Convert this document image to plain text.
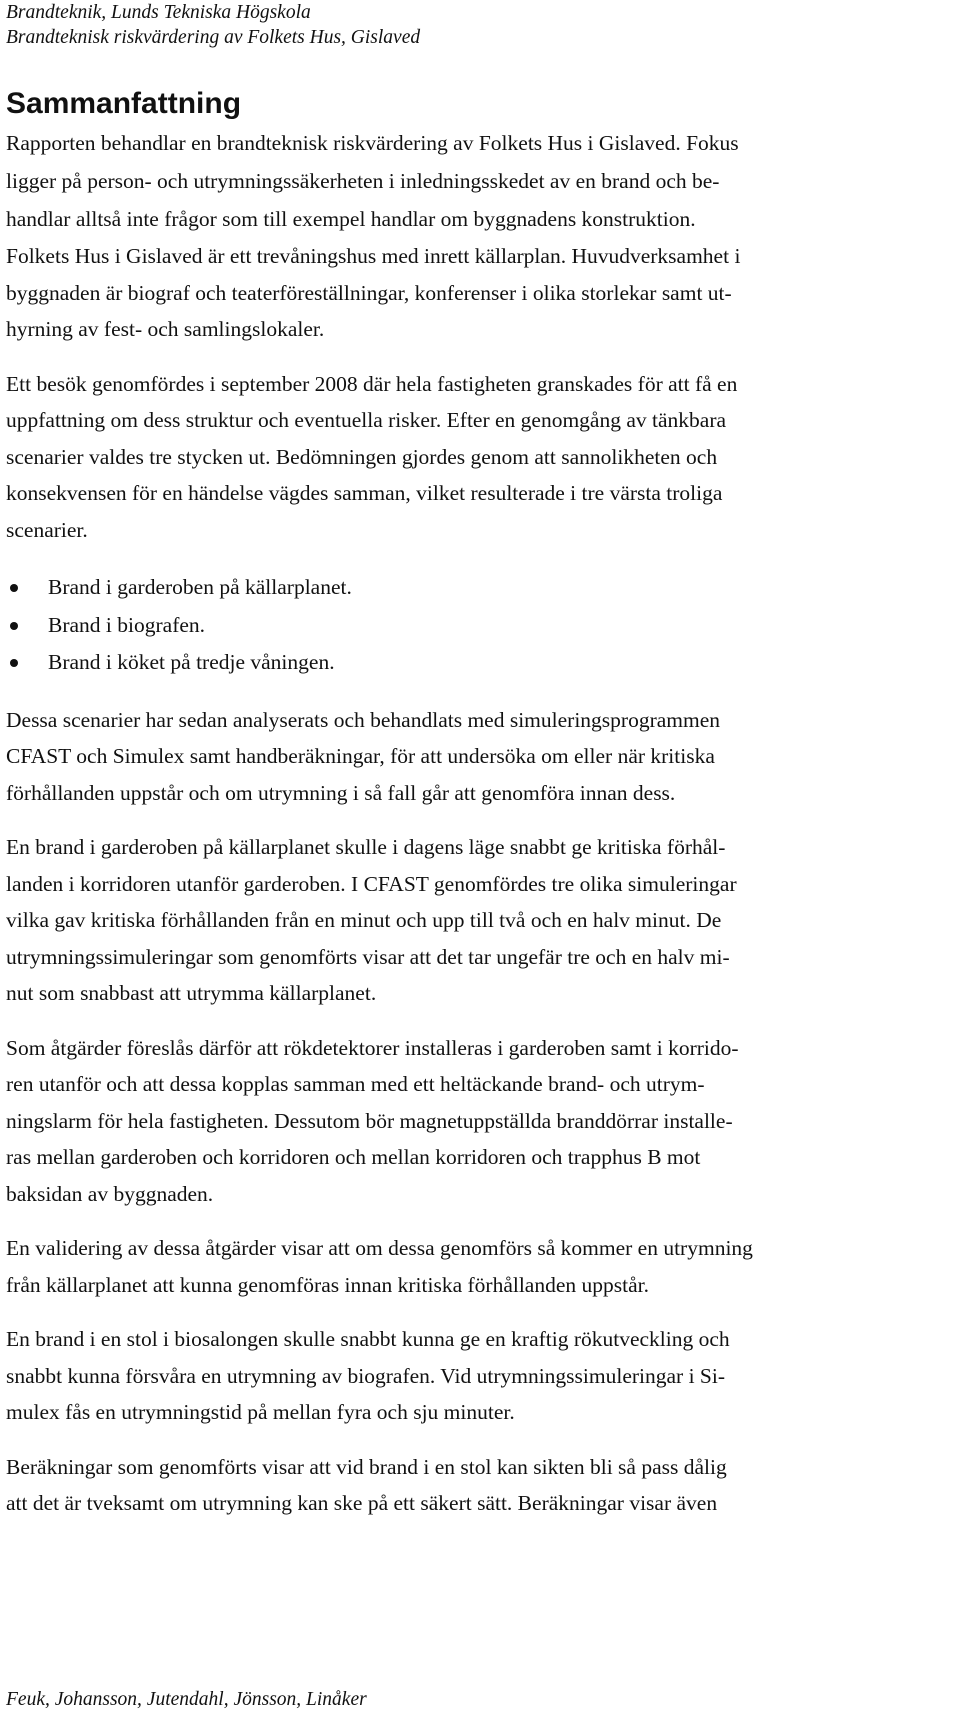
Brandteknik, Lunds Tekniska Högskola
Brandteknisk riskvärdering av Folkets Hus, Gislaved
Sammanfattning

Rapporten behandlar en brandteknisk riskvärdering av Folkets Hus i Gislaved. Fokus
ligger på person- och utrymningssäkerheten i inledningsskedet av en brand och be-
handlar alltså inte frågor som till exempel handlar om byggnadens konstruktion.

Folkets Hus i Gislaved är ett trevåningshus med inrett källarplan. Huvudverksamhet i
byggnaden är biograf och teaterföreställningar, konferenser i olika storlekar samt ut-
hyrning av fest- och samlingslokaler.

Ett besök genomfördes i september 2008 där hela fastigheten granskades för att få en
uppfattning om dess struktur och eventuella risker. Efter en genomgång av tänkbara
scenarier valdes tre stycken ut. Bedömningen gjordes genom att sannolikheten och
konsekvensen för en händelse vägdes samman, vilket resulterade i tre värsta troliga
scenarier.

Brand i garderoben på källarplanet.
Brand i biografen.
Brand i köket på tredje våningen.

Dessa scenarier har sedan analyserats och behandlats med simuleringsprogrammen
CFAST och Simulex samt handberäkningar, för att undersöka om eller när kritiska
förhållanden uppstår och om utrymning i så fall går att genomföra innan dess.

En brand i garderoben på källarplanet skulle i dagens läge snabbt ge kritiska förhål-
landen i korridoren utanför garderoben. I CFAST genomfördes tre olika simuleringar
vilka gav kritiska förhållanden från en minut och upp till två och en halv minut. De
utrymningssimuleringar som genomförts visar att det tar ungefär tre och en halv mi-
nut som snabbast att utrymma källarplanet.

Som åtgärder föreslås därför att rökdetektorer installeras i garderoben samt i korrido-
ren utanför och att dessa kopplas samman med ett heltäckande brand- och utrym-
ningslarm för hela fastigheten. Dessutom bör magnetuppställda branddörrar installe-
ras mellan garderoben och korridoren och mellan korridoren och trapphus B mot
baksidan av byggnaden.

En validering av dessa åtgärder visar att om dessa genomförs så kommer en utrymning
från källarplanet att kunna genomföras innan kritiska förhållanden uppstår.

En brand i en stol i biosalongen skulle snabbt kunna ge en kraftig rökutveckling och
snabbt kunna försvåra en utrymning av biografen. Vid utrymningssimuleringar i Si-
mulex fås en utrymningstid på mellan fyra och sju minuter.

Beräkningar som genomförts visar att vid brand i en stol kan sikten bli så pass dålig
att det är tveksamt om utrymning kan ske på ett säkert sätt. Beräkningar visar även

Feuk, Johansson, Jutendahl, Jönsson, Linåker
